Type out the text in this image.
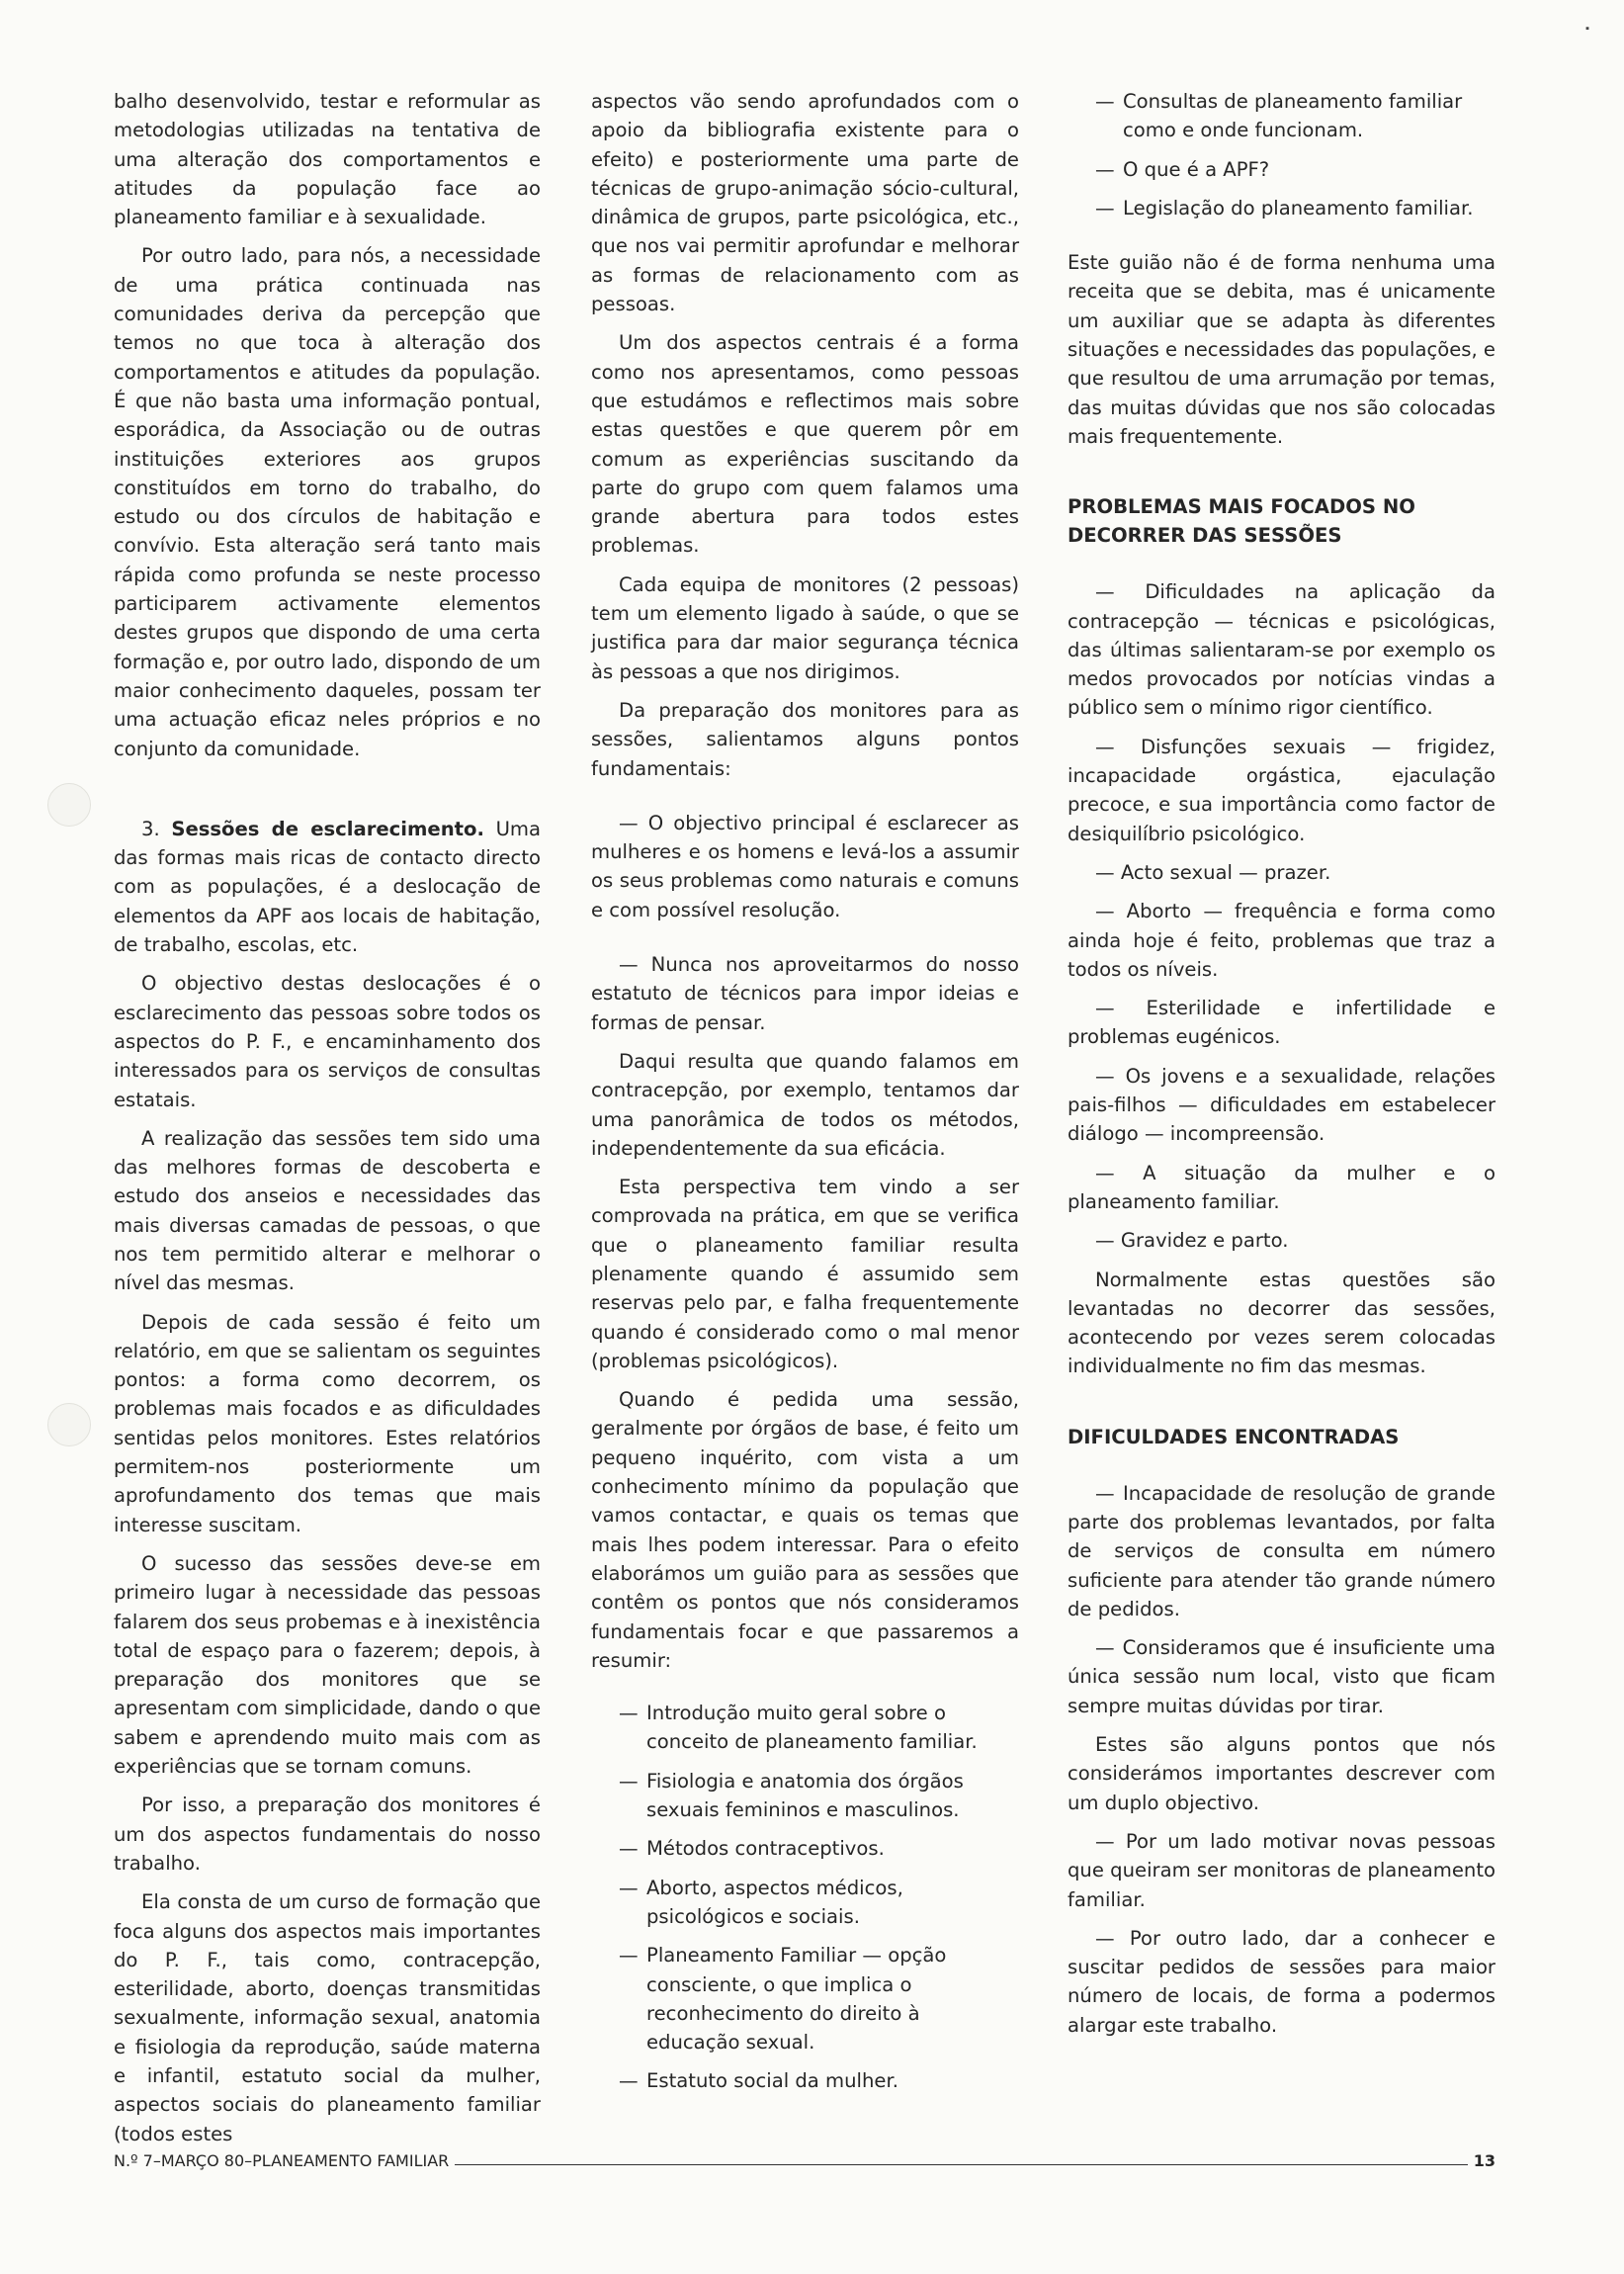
˙

balho desenvolvido, testar e reformular as metodologias utilizadas na tentativa de uma alteração dos comportamentos e atitudes da população face ao planeamento familiar e à sexualidade.

Por outro lado, para nós, a necessidade de uma prática continuada nas comunidades deriva da percepção que temos no que toca à alteração dos comportamentos e atitudes da população. É que não basta uma informação pontual, esporádica, da Associação ou de outras instituições exteriores aos grupos constituídos em torno do trabalho, do estudo ou dos círculos de habitação e convívio. Esta alteração será tanto mais rápida como profunda se neste processo participarem activamente elementos destes grupos que dispondo de uma certa formação e, por outro lado, dispondo de um maior conhecimento daqueles, possam ter uma actuação eficaz neles próprios e no conjunto da comunidade.

3. Sessões de esclarecimento. Uma das formas mais ricas de contacto directo com as populações, é a deslocação de elementos da APF aos locais de habitação, de trabalho, escolas, etc.

O objectivo destas deslocações é o esclarecimento das pessoas sobre todos os aspectos do P. F., e encaminhamento dos interessados para os serviços de consultas estatais.

A realização das sessões tem sido uma das melhores formas de descoberta e estudo dos anseios e necessidades das mais diversas camadas de pessoas, o que nos tem permitido alterar e melhorar o nível das mesmas.

Depois de cada sessão é feito um relatório, em que se salientam os seguintes pontos: a forma como decorrem, os problemas mais focados e as dificuldades sentidas pelos monitores. Estes relatórios permitem-nos posteriormente um aprofundamento dos temas que mais interesse suscitam.

O sucesso das sessões deve-se em primeiro lugar à necessidade das pessoas falarem dos seus probemas e à inexistência total de espaço para o fazerem; depois, à preparação dos monitores que se apresentam com simplicidade, dando o que sabem e aprendendo muito mais com as experiências que se tornam comuns.

Por isso, a preparação dos monitores é um dos aspectos fundamentais do nosso trabalho.

Ela consta de um curso de formação que foca alguns dos aspectos mais importantes do P. F., tais como, contracepção, esterilidade, aborto, doenças transmitidas sexualmente, informação sexual, anatomia e fisiologia da reprodução, saúde materna e infantil, estatuto social da mulher, aspectos sociais do planeamento familiar (todos estes

aspectos vão sendo aprofundados com o apoio da bibliografia existente para o efeito) e posteriormente uma parte de técnicas de grupo-animação sócio-cultural, dinâmica de grupos, parte psicológica, etc., que nos vai permitir aprofundar e melhorar as formas de relacionamento com as pessoas.

Um dos aspectos centrais é a forma como nos apresentamos, como pessoas que estudámos e reflectimos mais sobre estas questões e que querem pôr em comum as experiências suscitando da parte do grupo com quem falamos uma grande abertura para todos estes problemas.

Cada equipa de monitores (2 pessoas) tem um elemento ligado à saúde, o que se justifica para dar maior segurança técnica às pessoas a que nos dirigimos.

Da preparação dos monitores para as sessões, salientamos alguns pontos fundamentais:

— O objectivo principal é esclarecer as mulheres e os homens e levá-los a assumir os seus problemas como naturais e comuns e com possível resolução.

— Nunca nos aproveitarmos do nosso estatuto de técnicos para impor ideias e formas de pensar.

Daqui resulta que quando falamos em contracepção, por exemplo, tentamos dar uma panorâmica de todos os métodos, independentemente da sua eficácia.

Esta perspectiva tem vindo a ser comprovada na prática, em que se verifica que o planeamento familiar resulta plenamente quando é assumido sem reservas pelo par, e falha frequentemente quando é considerado como o mal menor (problemas psicológicos).

Quando é pedida uma sessão, geralmente por órgãos de base, é feito um pequeno inquérito, com vista a um conhecimento mínimo da população que vamos contactar, e quais os temas que mais lhes podem interessar. Para o efeito elaborámos um guião para as sessões que contêm os pontos que nós consideramos fundamentais focar e que passaremos a resumir:

— Introdução muito geral sobre o conceito de planeamento familiar.
— Fisiologia e anatomia dos órgãos sexuais femininos e masculinos.
— Métodos contraceptivos.
— Aborto, aspectos médicos, psicológicos e sociais.
— Planeamento Familiar — opção consciente, o que implica o reconhecimento do direito à educação sexual.
— Estatuto social da mulher.
— Consultas de planeamento familiar como e onde funcionam.
— O que é a APF?
— Legislação do planeamento familiar.

Este guião não é de forma nenhuma uma receita que se debita, mas é unicamente um auxiliar que se adapta às diferentes situações e necessidades das populações, e que resultou de uma arrumação por temas, das muitas dúvidas que nos são colocadas mais frequentemente.

PROBLEMAS MAIS FOCADOS NO DECORRER DAS SESSÕES

— Dificuldades na aplicação da contracepção — técnicas e psicológicas, das últimas salientaram-se por exemplo os medos provocados por notícias vindas a público sem o mínimo rigor científico.

— Disfunções sexuais — frigidez, incapacidade orgástica, ejaculação precoce, e sua importância como factor de desiquilíbrio psicológico.

— Acto sexual — prazer.

— Aborto — frequência e forma como ainda hoje é feito, problemas que traz a todos os níveis.

— Esterilidade e infertilidade e problemas eugénicos.

— Os jovens e a sexualidade, relações pais-filhos — dificuldades em estabelecer diálogo — incompreensão.

— A situação da mulher e o planeamento familiar.

— Gravidez e parto.

Normalmente estas questões são levantadas no decorrer das sessões, acontecendo por vezes serem colocadas individualmente no fim das mesmas.

DIFICULDADES ENCONTRADAS

— Incapacidade de resolução de grande parte dos problemas levantados, por falta de serviços de consulta em número suficiente para atender tão grande número de pedidos.

— Consideramos que é insuficiente uma única sessão num local, visto que ficam sempre muitas dúvidas por tirar.

Estes são alguns pontos que nós considerámos importantes descrever com um duplo objectivo.

— Por um lado motivar novas pessoas que queiram ser monitoras de planeamento familiar.

— Por outro lado, dar a conhecer e suscitar pedidos de sessões para maior número de locais, de forma a podermos alargar este trabalho.

N.º 7–MARÇO 80–PLANEAMENTO FAMILIAR	13
